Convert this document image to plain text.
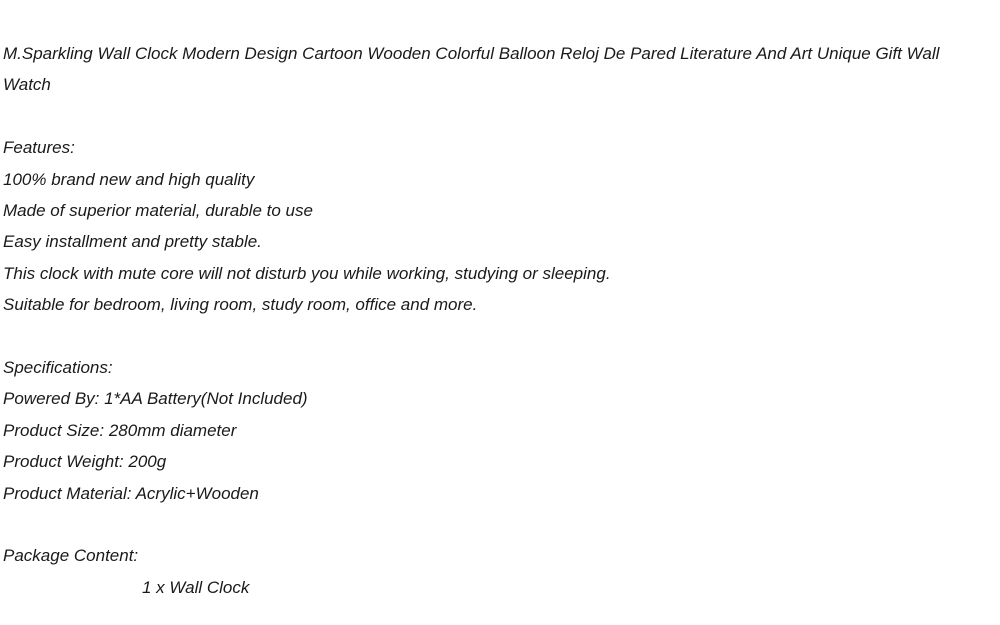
M.Sparkling Wall Clock Modern Design Cartoon Wooden Colorful Balloon Reloj De Pared Literature And Art Unique Gift Wall Watch
Features:
100% brand new and high quality
Made of superior material, durable to use
Easy installment and pretty stable.
This clock with mute core will not disturb you while working, studying or sleeping.
Suitable for bedroom, living room, study room, office and more.
Specifications:
Powered By: 1*AA Battery(Not Included)
Product Size: 280mm diameter
Product Weight: 200g
Product Material: Acrylic+Wooden
Package Content:
1 x Wall Clock
